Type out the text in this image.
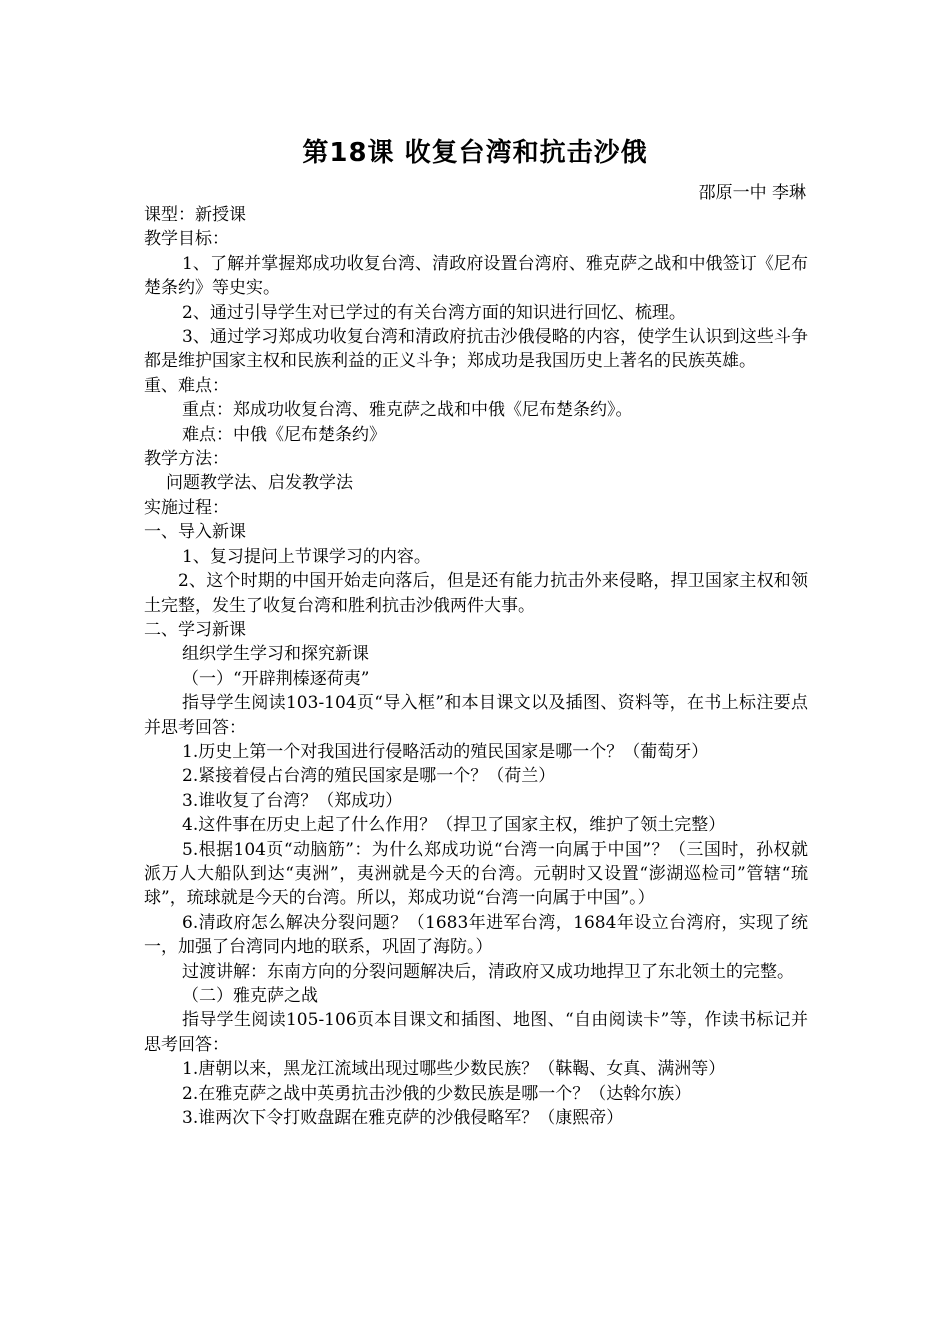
第18课 收复台湾和抗击沙俄
邵原一中 李琳

课型：新授课

教学目标：

1、了解并掌握郑成功收复台湾、清政府设置台湾府、雅克萨之战和中俄签订《尼布楚条约》等史实。

2、通过引导学生对已学过的有关台湾方面的知识进行回忆、梳理。

3、通过学习郑成功收复台湾和清政府抗击沙俄侵略的内容，使学生认识到这些斗争都是维护国家主权和民族利益的正义斗争；郑成功是我国历史上著名的民族英雄。

重、难点：

重点：郑成功收复台湾、雅克萨之战和中俄《尼布楚条约》。

难点：中俄《尼布楚条约》

教学方法：

问题教学法、启发教学法

实施过程：

一、导入新课

1、复习提问上节课学习的内容。

2、这个时期的中国开始走向落后，但是还有能力抗击外来侵略，捍卫国家主权和领土完整，发生了收复台湾和胜利抗击沙俄两件大事。

二、学习新课

组织学生学习和探究新课

（一）“开辟荆榛逐荷夷”

指导学生阅读103-104页“导入框”和本目课文以及插图、资料等，在书上标注要点并思考回答：

1.历史上第一个对我国进行侵略活动的殖民国家是哪一个？（葡萄牙）

2.紧接着侵占台湾的殖民国家是哪一个？（荷兰）

3.谁收复了台湾？（郑成功）

4.这件事在历史上起了什么作用？（捍卫了国家主权，维护了领土完整）

5.根据104页“动脑筋”：为什么郑成功说“台湾一向属于中国”？（三国时，孙权就派万人大船队到达“夷洲”，夷洲就是今天的台湾。元朝时又设置“澎湖巡检司”管辖“琉球”，琉球就是今天的台湾。所以，郑成功说“台湾一向属于中国”。）

6.清政府怎么解决分裂问题？（1683年进军台湾，1684年设立台湾府，实现了统一，加强了台湾同内地的联系，巩固了海防。）

过渡讲解：东南方向的分裂问题解决后，清政府又成功地捍卫了东北领土的完整。

（二）雅克萨之战

指导学生阅读105-106页本目课文和插图、地图、“自由阅读卡”等，作读书标记并思考回答：

1.唐朝以来，黑龙江流域出现过哪些少数民族？（靺鞨、女真、满洲等）

2.在雅克萨之战中英勇抗击沙俄的少数民族是哪一个？（达斡尔族）

3.谁两次下令打败盘踞在雅克萨的沙俄侵略军？（康熙帝）
